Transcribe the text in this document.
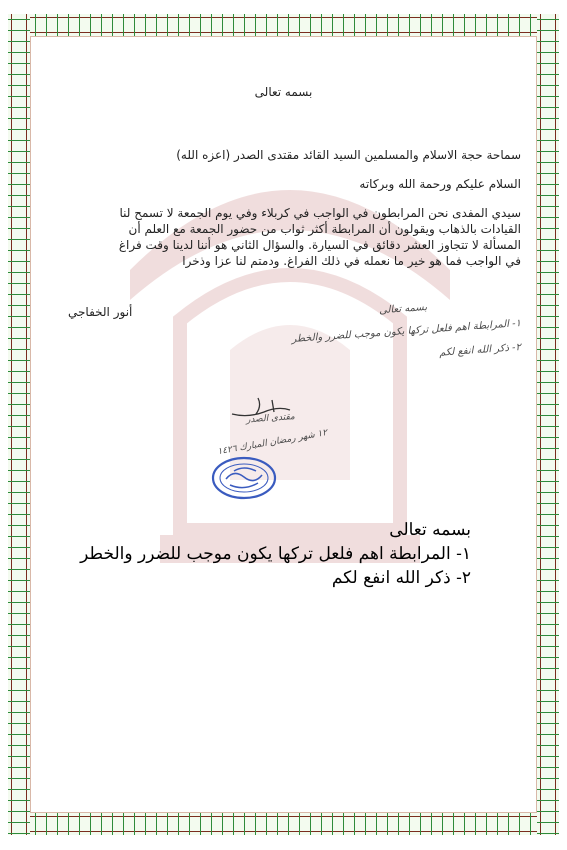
بسمه تعالى
سماحة حجة الاسلام والمسلمين السيد القائد مقتدى الصدر (اعزه الله)
السلام عليكم ورحمة الله وبركاته
سيدي المفدى نحن المرابطون في الواجب في كربلاء وفي يوم الجمعة لا تسمح لنا
القيادات بالذهاب ويقولون أن المرابطة أكثر ثواب من حضور الجمعة مع العلم أن
المسألة لا تتجاوز العشر دقائق في السيارة. والسؤال الثاني هو أننا لدينا وقت فراغ
في الواجب فما هو خير ما نعمله في ذلك الفراغ. ودمتم لنا عزا وذخرا
أنور الخفاجي	بسمه تعالى
١- المرابطة اهم فلعل تركها يكون موجب للضرر والخطر
٢- ذكر الله انفع لكم
مقتدى الصدر
١٢ شهر رمضان المبارك ١٤٢٦
بسمه تعالى
١- المرابطة اهم فلعل تركها يكون موجب للضرر والخطر
٢- ذكر الله انفع لكم
